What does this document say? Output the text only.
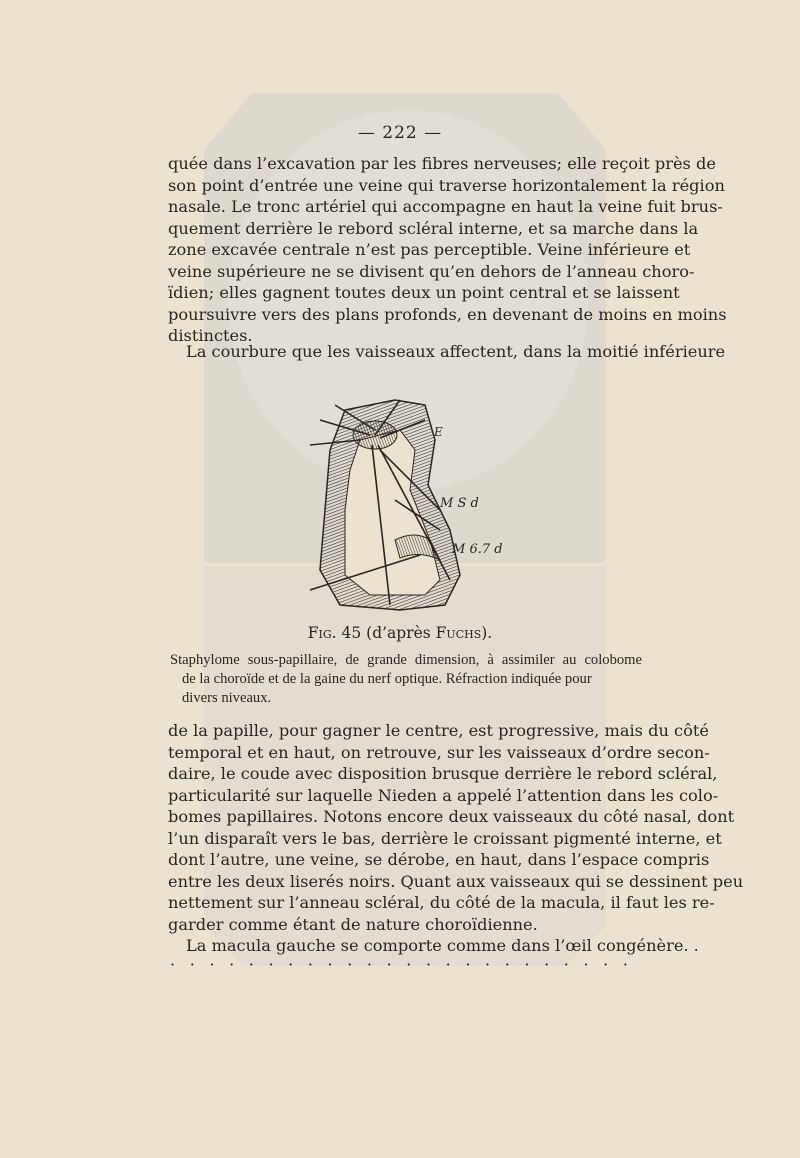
— 222 —
quée dans l’excavation par les fibres nerveuses; elle reçoit près de
son point d’entrée une veine qui traverse horizontalement la région
nasale. Le tronc artériel qui accompagne en haut la veine fuit brus-
quement derrière le rebord scléral interne, et sa marche dans la
zone excavée centrale n’est pas perceptible. Veine inférieure et
veine supérieure ne se divisent qu’en dehors de l’anneau choro-
ïdien; elles gagnent toutes deux un point central et se laissent
poursuivre vers des plans profonds, en devenant de moins en moins
distinctes.
La courbure que les vaisseaux affectent, dans la moitié inférieure
E
M S d
M 6.7 d
Fig. 45 (d’après Fuchs).
Staphylome sous-papillaire, de grande dimension, à assimiler au colobome
de la choroïde et de la gaine du nerf optique. Réfraction indiquée pour
divers niveaux.
de la papille, pour gagner le centre, est progressive, mais du côté
temporal et en haut, on retrouve, sur les vaisseaux d’ordre secon-
daire, le coude avec disposition brusque derrière le rebord scléral,
particularité sur laquelle Nieden a appelé l’attention dans les colo-
bomes papillaires. Notons encore deux vaisseaux du côté nasal, dont
l’un disparaît vers le bas, derrière le croissant pigmenté interne, et
dont l’autre, une veine, se dérobe, en haut, dans l’espace compris
entre les deux liserés noirs. Quant aux vaisseaux qui se dessinent peu
nettement sur l’anneau scléral, du côté de la macula, il faut les re-
garder comme étant de nature choroïdienne.
La macula gauche se comporte comme dans l’œil congénère. .
· · · · · · · · · · · · · · · · · · · · · · · ·
